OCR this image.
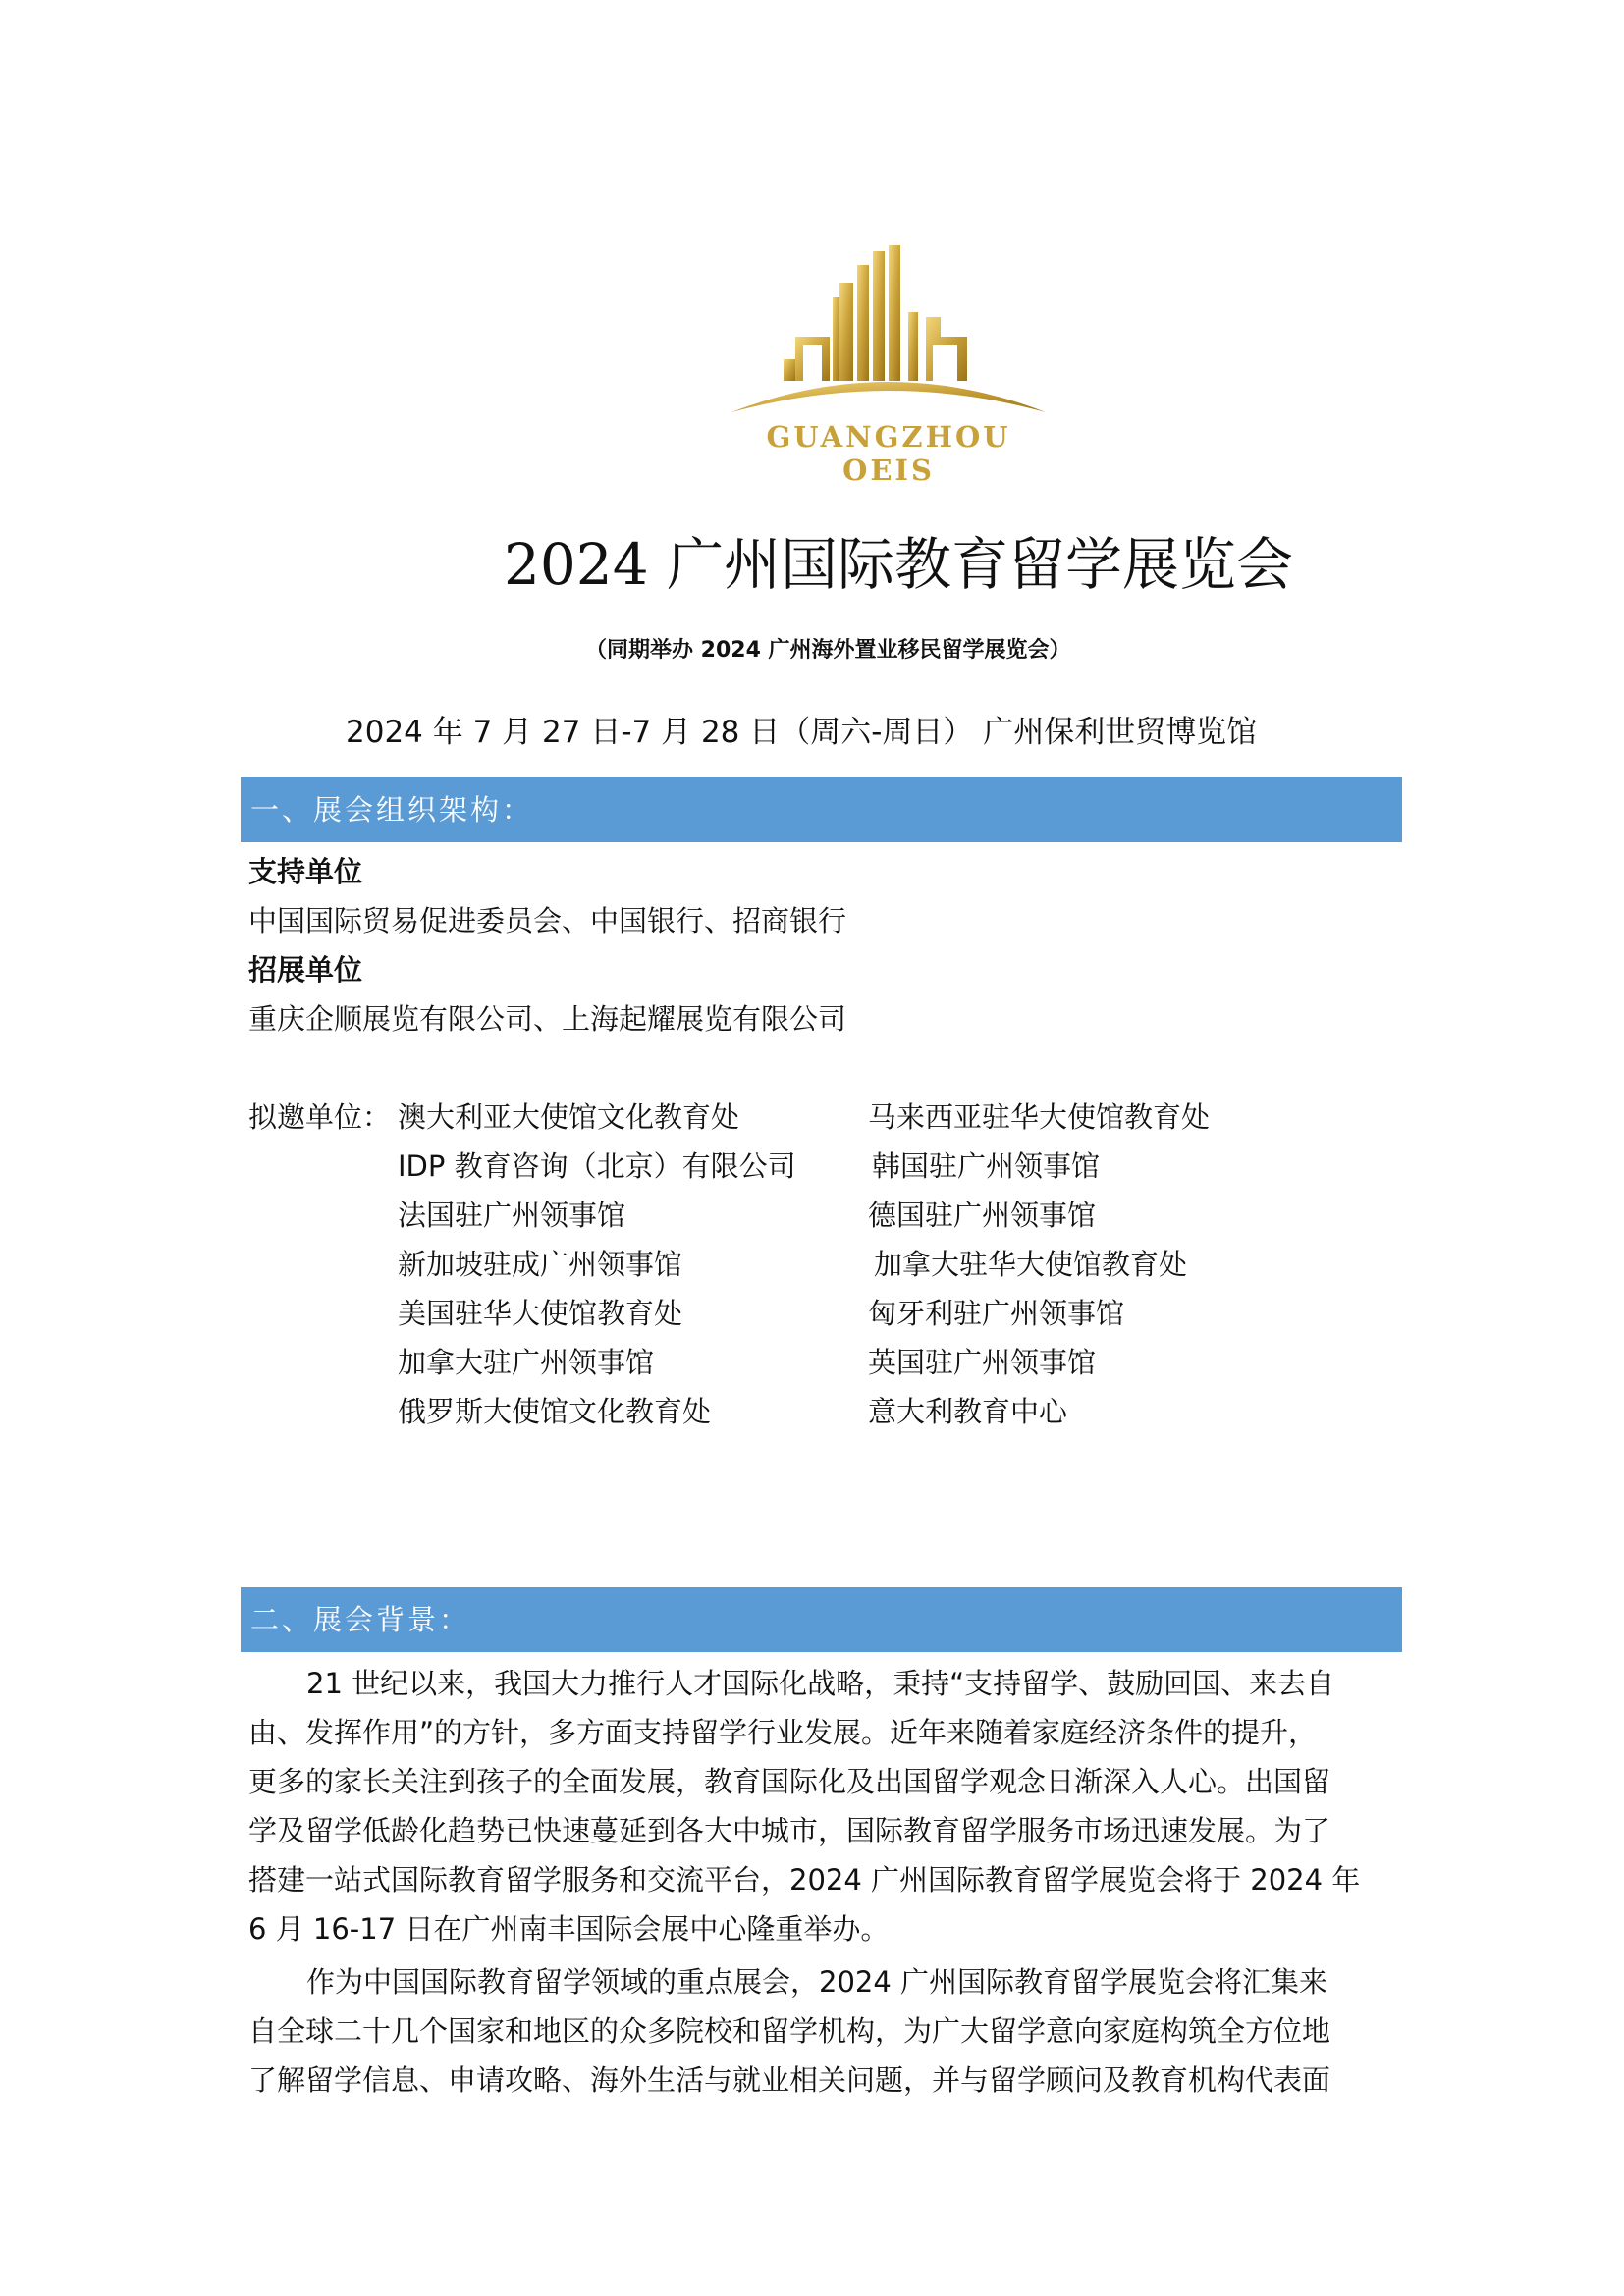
GUANGZHOU OEIS
2024 广州国际教育留学展览会
（同期举办 2024 广州海外置业移民留学展览会）
2024 年 7 月 27 日-7 月 28 日（周六-周日） 广州保利世贸博览馆
一、展会组织架构：
支持单位
中国国际贸易促进委员会、中国银行、招商银行
招展单位
重庆企顺展览有限公司、上海起耀展览有限公司
拟邀单位： 澳大利亚大使馆文化教育处
IDP 教育咨询（北京）有限公司
法国驻广州领事馆
新加坡驻成广州领事馆
美国驻华大使馆教育处
加拿大驻广州领事馆
俄罗斯大使馆文化教育处
马来西亚驻华大使馆教育处
韩国驻广州领事馆
德国驻广州领事馆
加拿大驻华大使馆教育处
匈牙利驻广州领事馆
英国驻广州领事馆
意大利教育中心
二、展会背景：
21 世纪以来，我国大力推行人才国际化战略，秉持“支持留学、鼓励回国、来去自
由、发挥作用”的方针，多方面支持留学行业发展。近年来随着家庭经济条件的提升，
更多的家长关注到孩子的全面发展，教育国际化及出国留学观念日渐深入人心。出国留
学及留学低龄化趋势已快速蔓延到各大中城市，国际教育留学服务市场迅速发展。为了
搭建一站式国际教育留学服务和交流平台，2024 广州国际教育留学展览会将于 2024 年
6 月 16-17 日在广州南丰国际会展中心隆重举办。
作为中国国际教育留学领域的重点展会，2024 广州国际教育留学展览会将汇集来
自全球二十几个国家和地区的众多院校和留学机构，为广大留学意向家庭构筑全方位地
了解留学信息、申请攻略、海外生活与就业相关问题，并与留学顾问及教育机构代表面
